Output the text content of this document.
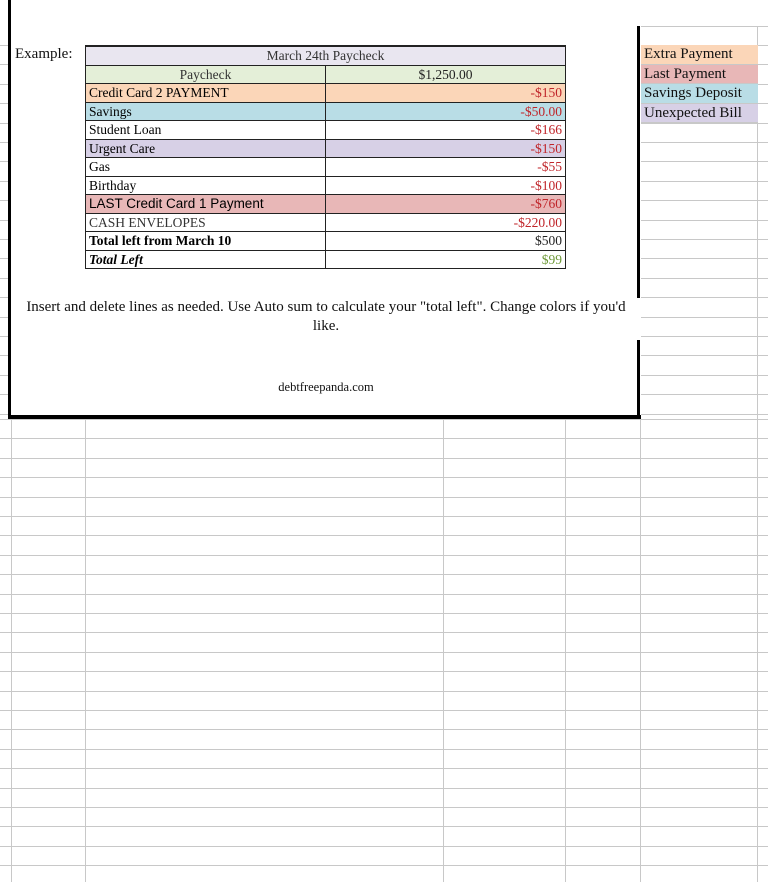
Example:	March 24th Paycheck	
Paycheck	$1,250.00
Credit Card 2 PAYMENT	-$150
Savings	-$50.00
Student Loan	-$166
Urgent Care	-$150
Gas	-$55
Birthday	-$100
LAST Credit Card 1 Payment	-$760
CASH ENVELOPES	-$220.00
Total left from March 10	$500
Total Left	$99
Insert and delete lines as needed. Use Auto sum to calculate your "total left". Change colors if you'd like.
debtfreepanda.com
Extra Payment
Last Payment
Savings Deposit
Unexpected Bill
